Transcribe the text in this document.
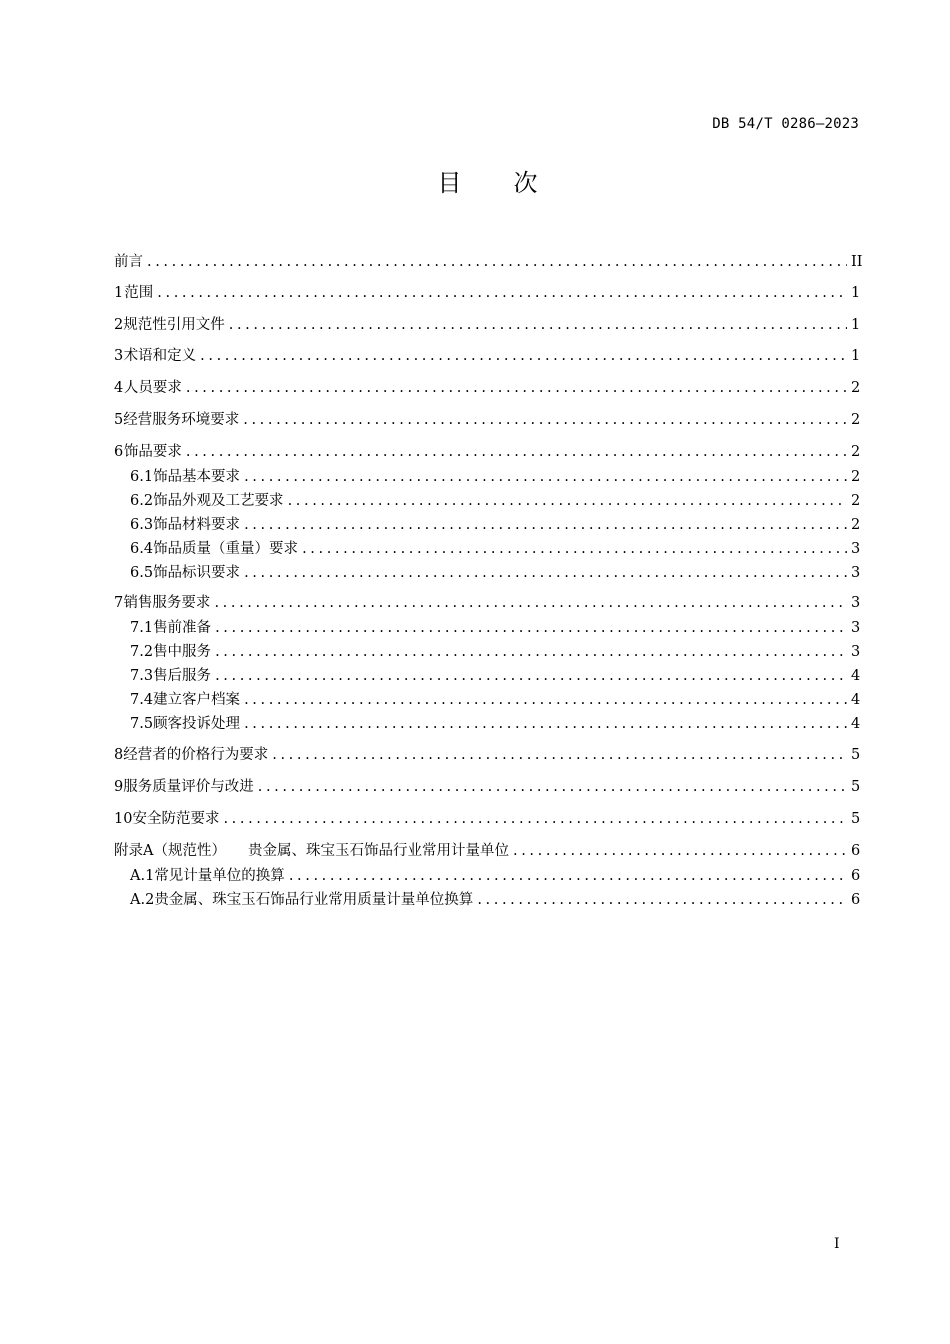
DB 54/T 0286—2023
目 次
前言 .....	II
1 范围 .....	1
2 规范性引用文件 .....	1
3 术语和定义 .....	1
4 人员要求 .....	2
5 经营服务环境要求 .....	2
6 饰品要求 .....	2
6.1 饰品基本要求 .....	2
6.2 饰品外观及工艺要求 .....	2
6.3 饰品材料要求 .....	2
6.4 饰品质量（重量）要求 .....	3
6.5 饰品标识要求 .....	3
7 销售服务要求 .....	3
7.1 售前准备 .....	3
7.2 售中服务 .....	3
7.3 售后服务 .....	4
7.4 建立客户档案 .....	4
7.5 顾客投诉处理 .....	4
8 经营者的价格行为要求 .....	5
9 服务质量评价与改进 .....	5
10 安全防范要求 .....	5
附录A（规范性） 贵金属、珠宝玉石饰品行业常用计量单位 .....	6
A.1 常见计量单位的换算 .....	6
A.2 贵金属、珠宝玉石饰品行业常用质量计量单位换算 .....	6
I
